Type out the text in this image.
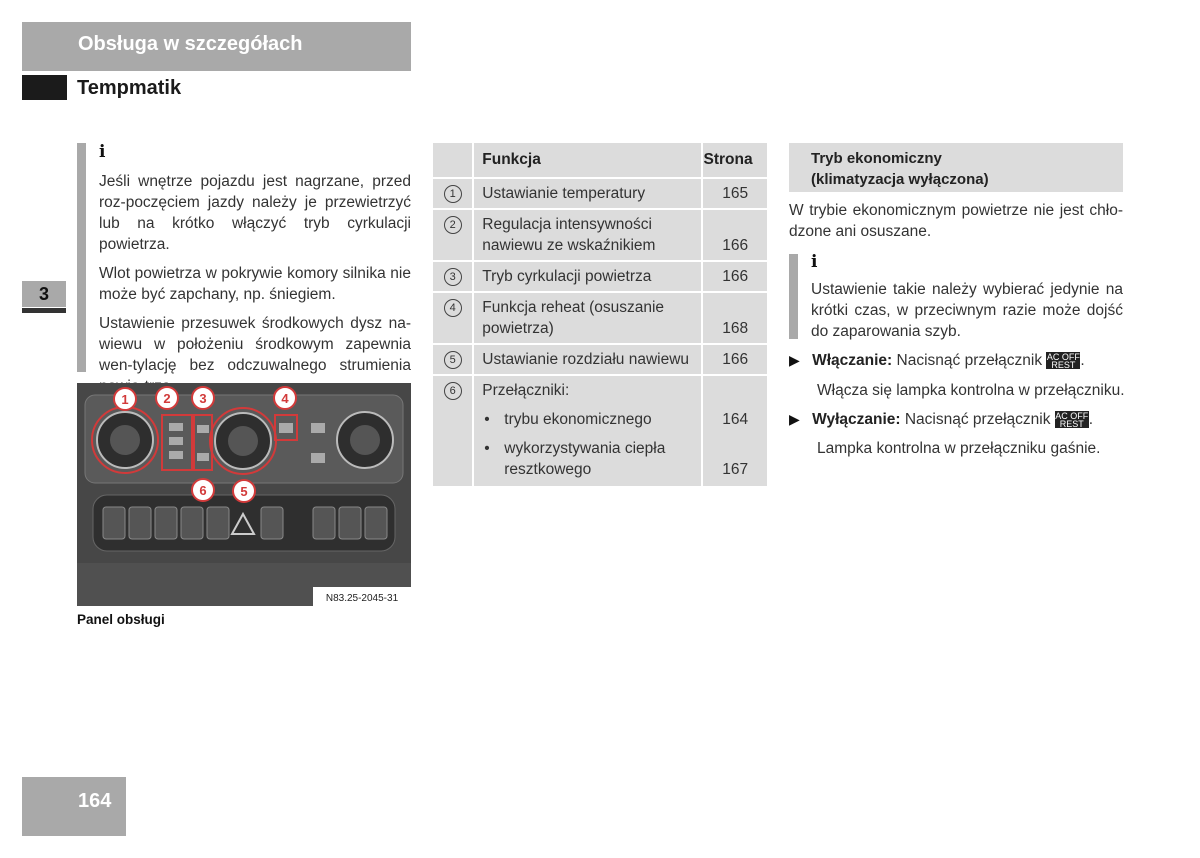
Obsługa w szczegółach
Tempmatik
3
i

Jeśli wnętrze pojazdu jest nagrzane, przed roz-poczęciem jazdy należy je przewietrzyć lub na krótko włączyć tryb cyrkulacji powietrza.

Wlot powietrza w pokrywie komory silnika nie może być zapchany, np. śniegiem.

Ustawienie przesuwek środkowych dysz na-wiewu w położeniu środkowym zapewnia wen-tylację bez odczuwalnego strumienia

1	2 3	4
5
6
N83.25-2045-31
Panel obsługi
	Funkcja	Strona
1	Ustawianie temperatury	165

2	Regulacja intensywności nawiewu ze wskaźnikiem	166

3	Tryb cyrkulacji powietrza	166

4	Funkcja reheat (osuszanie powietrza)	168

5	Ustawianie rozdziału nawiewu	166

6	Przełączniki:	

	• trybu ekonomicznego	164

	• wykorzystywania ciepła resztkowego	167
Tryb ekonomiczny
(klimatyzacja wyłączona)
W trybie ekonomicznym powietrze nie jest chło-dzone ani osuszane.
i
Ustawienie takie należy wybierać jedynie na krótki czas, w przeciwnym razie może dojść do zaparowania szyb.
▶ Włączanie: Nacisnąć przełącznik AC OFF
REST .
Włącza się lampka kontrolna w przełączniku.
▶ Wyłączanie: Nacisnąć przełącznik AC OFF
REST .
Lampka kontrolna w przełączniku gaśnie.
164
